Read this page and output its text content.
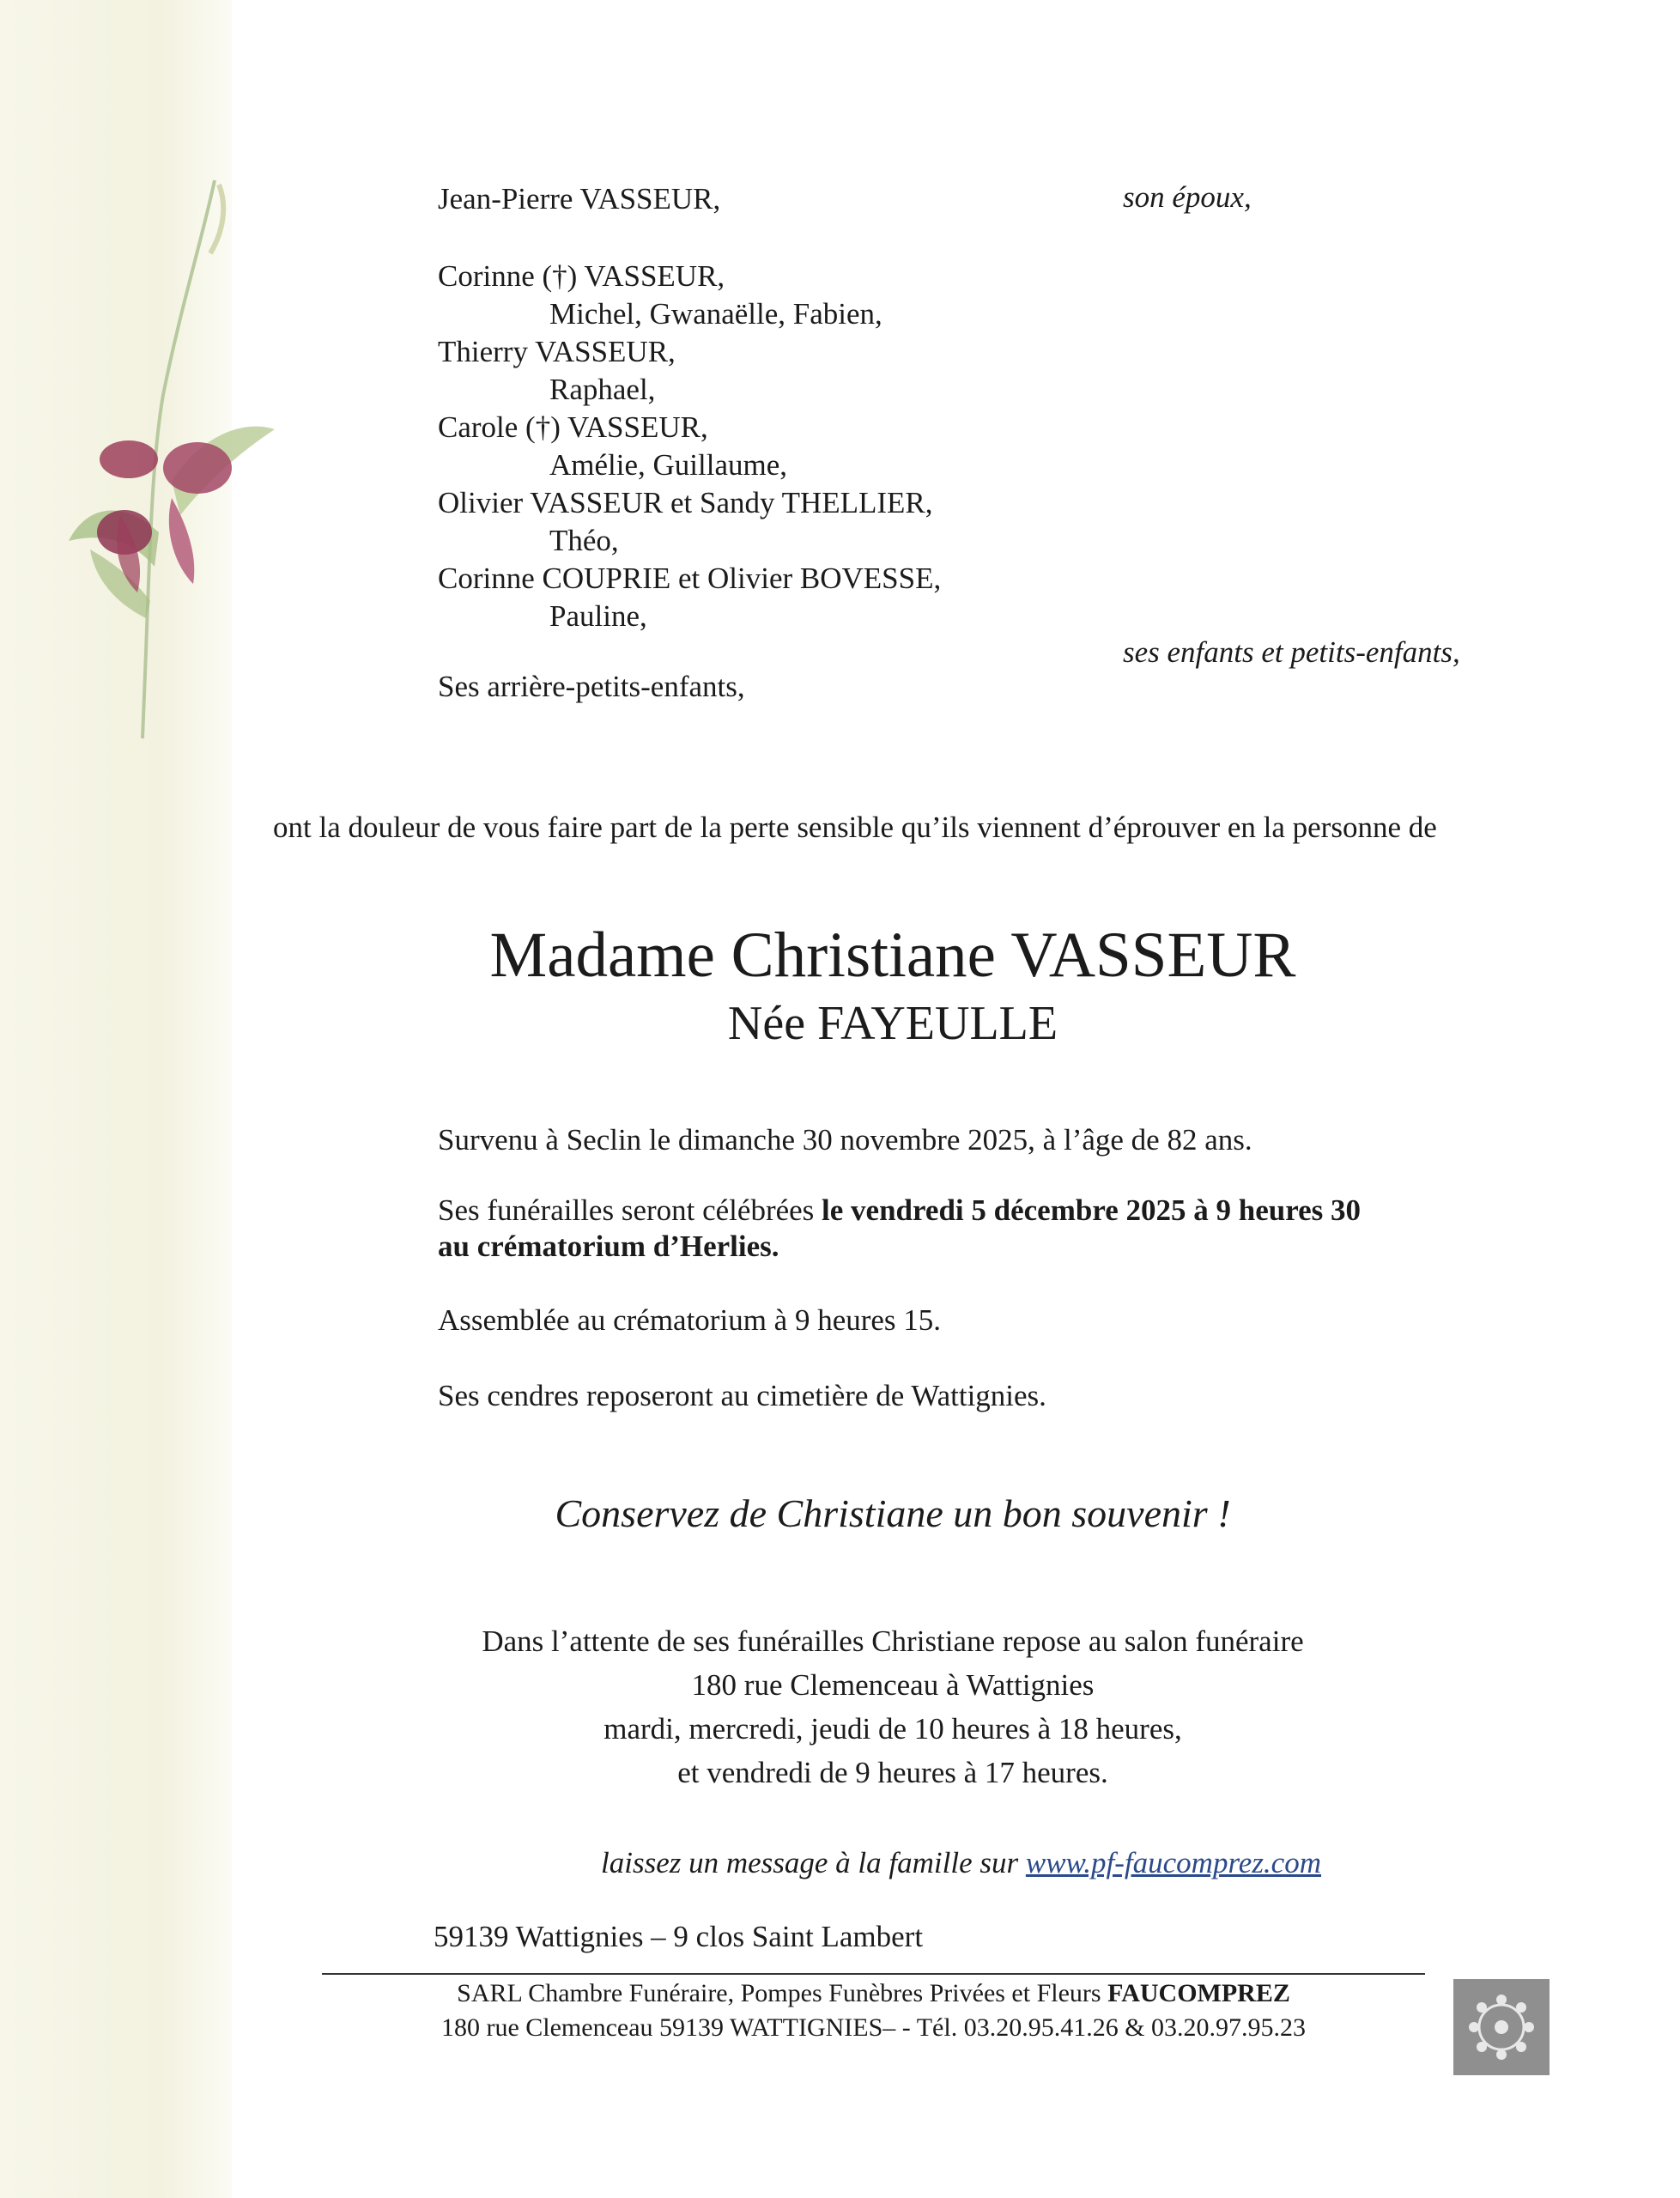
Jean-Pierre VASSEUR,	son époux,
Corinne (†) VASSEUR,
Michel, Gwanaëlle, Fabien,
Thierry VASSEUR,
Raphael,
Carole (†) VASSEUR,
Amélie, Guillaume,
Olivier VASSEUR et Sandy THELLIER,
Théo,
Corinne COUPRIE et Olivier BOVESSE,
Pauline,
ses enfants et petits-enfants,
Ses arrière-petits-enfants,
ont la douleur de vous faire part de la perte sensible qu’ils viennent d’éprouver en la personne de
Madame Christiane VASSEUR
Née FAYEULLE
Survenu à Seclin le dimanche 30 novembre 2025, à l’âge de 82 ans.
Ses funérailles seront célébrées le vendredi 5 décembre 2025 à 9 heures 30
au crématorium d’Herlies.
Assemblée au crématorium à 9 heures 15.
Ses cendres reposeront au cimetière de Wattignies.
Conservez de Christiane un bon souvenir !
Dans l’attente de ses funérailles Christiane repose au salon funéraire
180 rue Clemenceau à Wattignies
mardi, mercredi, jeudi de 10 heures à 18 heures,
et vendredi de 9 heures à 17 heures.
laissez un message à la famille sur www.pf-faucomprez.com
59139 Wattignies – 9 clos Saint Lambert
SARL Chambre Funéraire, Pompes Funèbres Privées et Fleurs FAUCOMPREZ
180 rue Clemenceau 59139 WATTIGNIES– - Tél. 03.20.95.41.26 & 03.20.97.95.23
